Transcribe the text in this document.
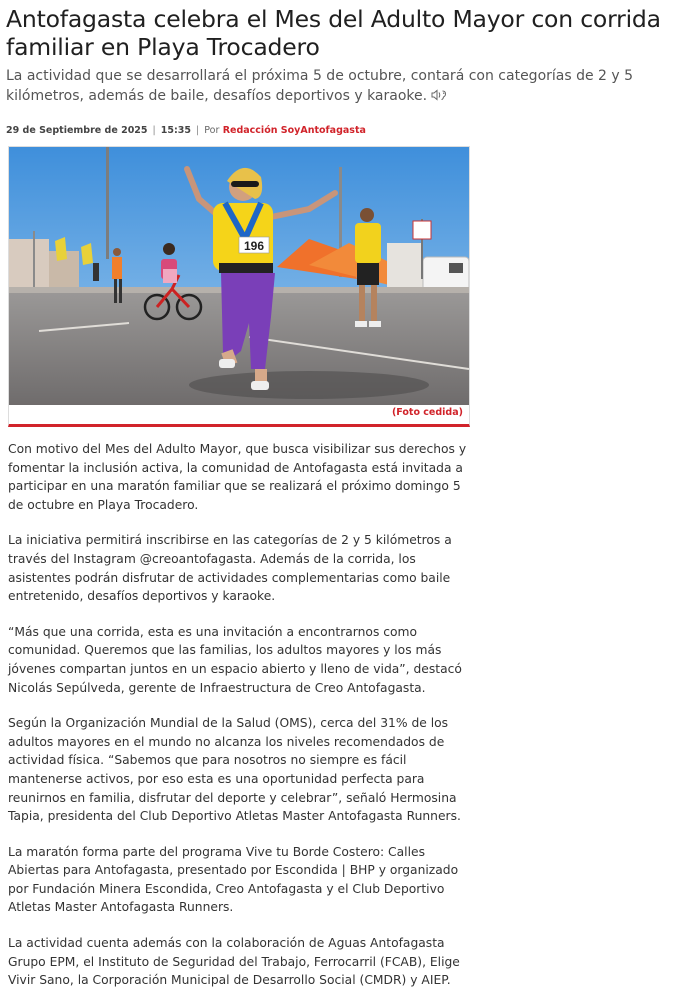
Antofagasta celebra el Mes del Adulto Mayor con corrida familiar en Playa Trocadero
La actividad que se desarrollará el próxima 5 de octubre, contará con categorías de 2 y 5 kilómetros, además de baile, desafíos deportivos y karaoke.
29 de Septiembre de 2025 | 15:35 | Por Redacción SoyAntofagasta
196
(Foto cedida)

Con motivo del Mes del Adulto Mayor, que busca visibilizar sus derechos y fomentar la inclusión activa, la comunidad de Antofagasta está invitada a participar en una maratón familiar que se realizará el próximo domingo 5 de octubre en Playa Trocadero.

La iniciativa permitirá inscribirse en las categorías de 2 y 5 kilómetros a través del Instagram @creoantofagasta. Además de la corrida, los asistentes podrán disfrutar de actividades complementarias como baile entretenido, desafíos deportivos y karaoke.

“Más que una corrida, esta es una invitación a encontrarnos como comunidad. Queremos que las familias, los adultos mayores y los más jóvenes compartan juntos en un espacio abierto y lleno de vida”, destacó Nicolás Sepúlveda, gerente de Infraestructura de Creo Antofagasta.

Según la Organización Mundial de la Salud (OMS), cerca del 31% de los adultos mayores en el mundo no alcanza los niveles recomendados de actividad física. “Sabemos que para nosotros no siempre es fácil mantenerse activos, por eso esta es una oportunidad perfecta para reunirnos en familia, disfrutar del deporte y celebrar”, señaló Hermosina Tapia, presidenta del Club Deportivo Atletas Master Antofagasta Runners.

La maratón forma parte del programa Vive tu Borde Costero: Calles Abiertas para Antofagasta, presentado por Escondida | BHP y organizado por Fundación Minera Escondida, Creo Antofagasta y el Club Deportivo Atletas Master Antofagasta Runners.

La actividad cuenta además con la colaboración de Aguas Antofagasta Grupo EPM, el Instituto de Seguridad del Trabajo, Ferrocarril (FCAB), Elige Vivir Sano, la Corporación Municipal de Desarrollo Social (CMDR) y AIEP.
